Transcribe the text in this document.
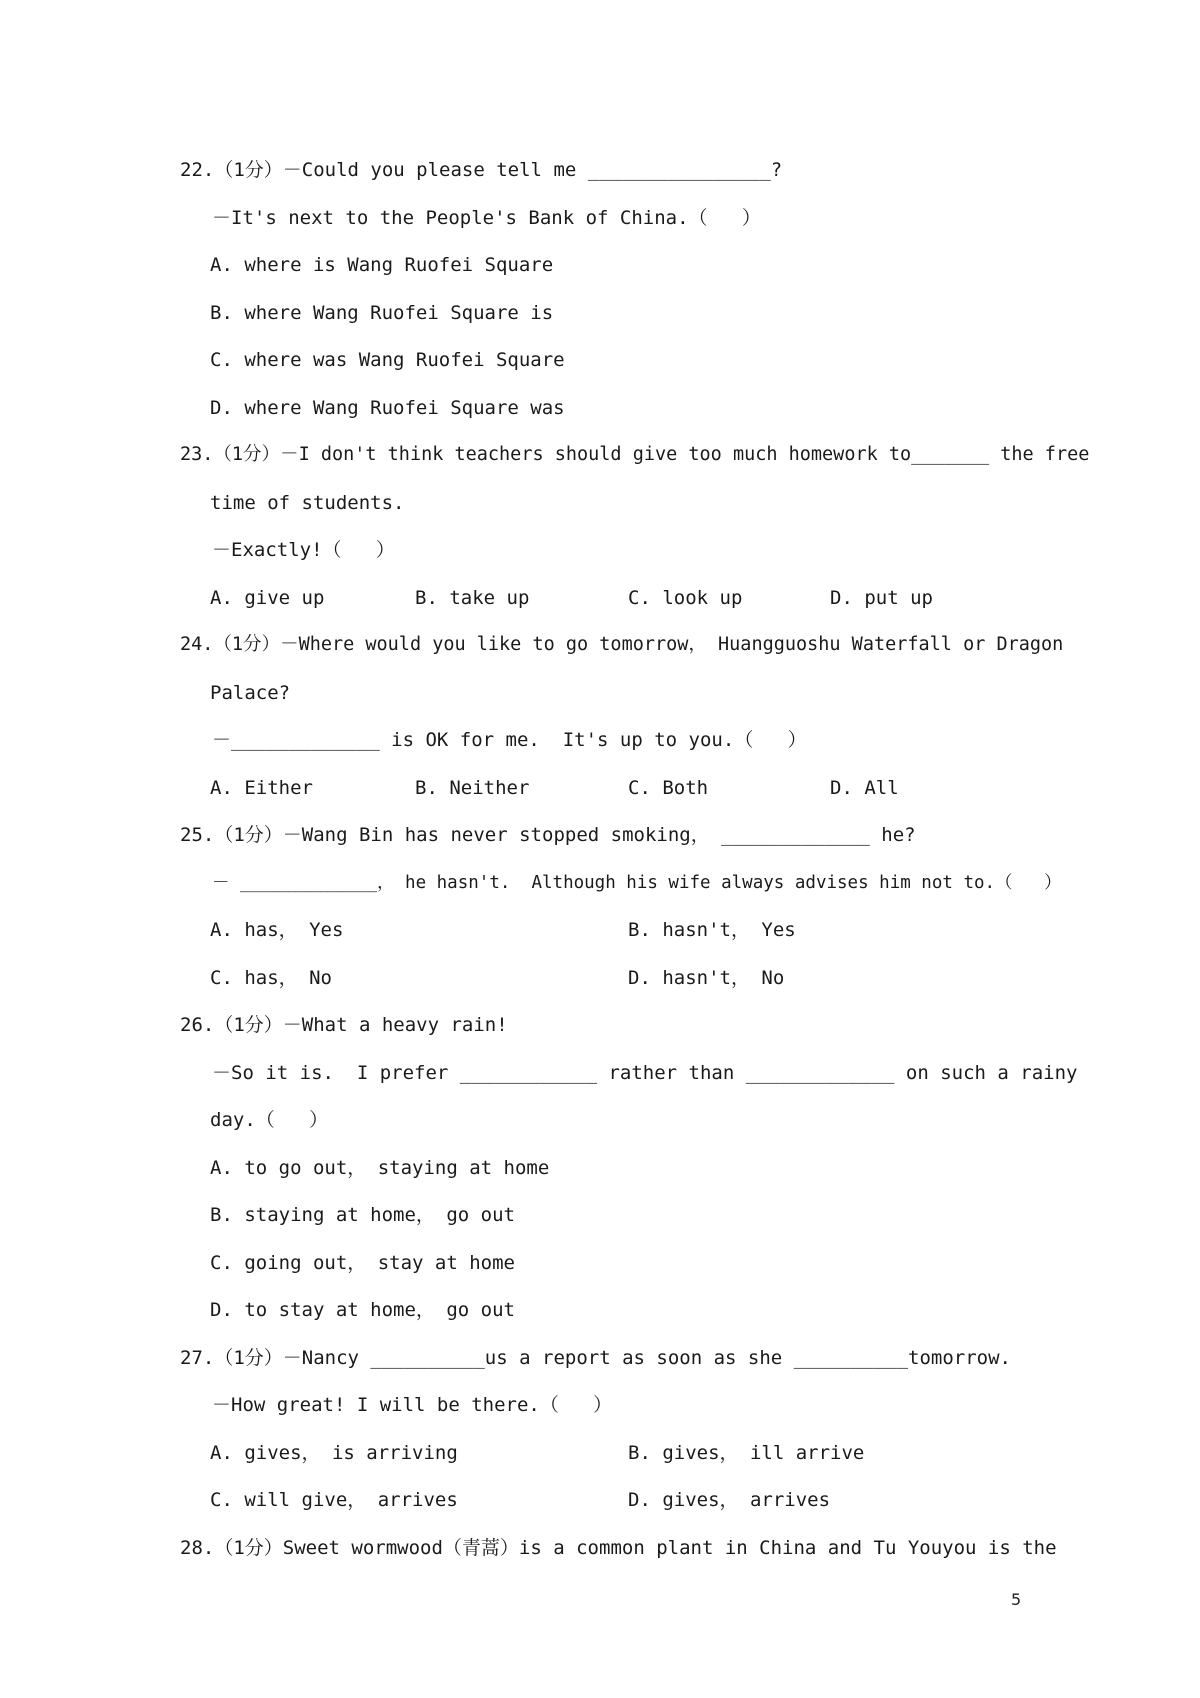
22.（1分）－Could you please tell me ________________?
－It's next to the People's Bank of China.（   ）
A. where is Wang Ruofei Square
B. where Wang Ruofei Square is
C. where was Wang Ruofei Square
D. where Wang Ruofei Square was
23.（1分）－I don't think teachers should give too much homework to_______ the free
time of students.
－Exactly!（   ）
A. give up	B. take up	C. look up	D. put up
24.（1分）－Where would you like to go tomorrow， Huangguoshu Waterfall or Dragon
Palace?
－_____________ is OK for me.  It's up to you.（   ）
A. Either	B. Neither	C. Both	D. All
25.（1分）－Wang Bin has never stopped smoking， _____________ he?
－ _____________， he hasn't.  Although his wife always advises him not to.（   ）
A. has， Yes	B. hasn't， Yes
C. has， No	D. hasn't， No
26.（1分）－What a heavy rain!
－So it is.  I prefer ____________ rather than _____________ on such a rainy
day.（   ）
A. to go out， staying at home
B. staying at home， go out
C. going out， stay at home
D. to stay at home， go out
27.（1分）－Nancy __________us a report as soon as she __________tomorrow.
－How great! I will be there.（   ）
A. gives， is arriving	B. gives， ill arrive
C. will give， arrives	D. gives， arrives
28.（1分）Sweet wormwood（青蒿）is a common plant in China and Tu Youyou is the
5
